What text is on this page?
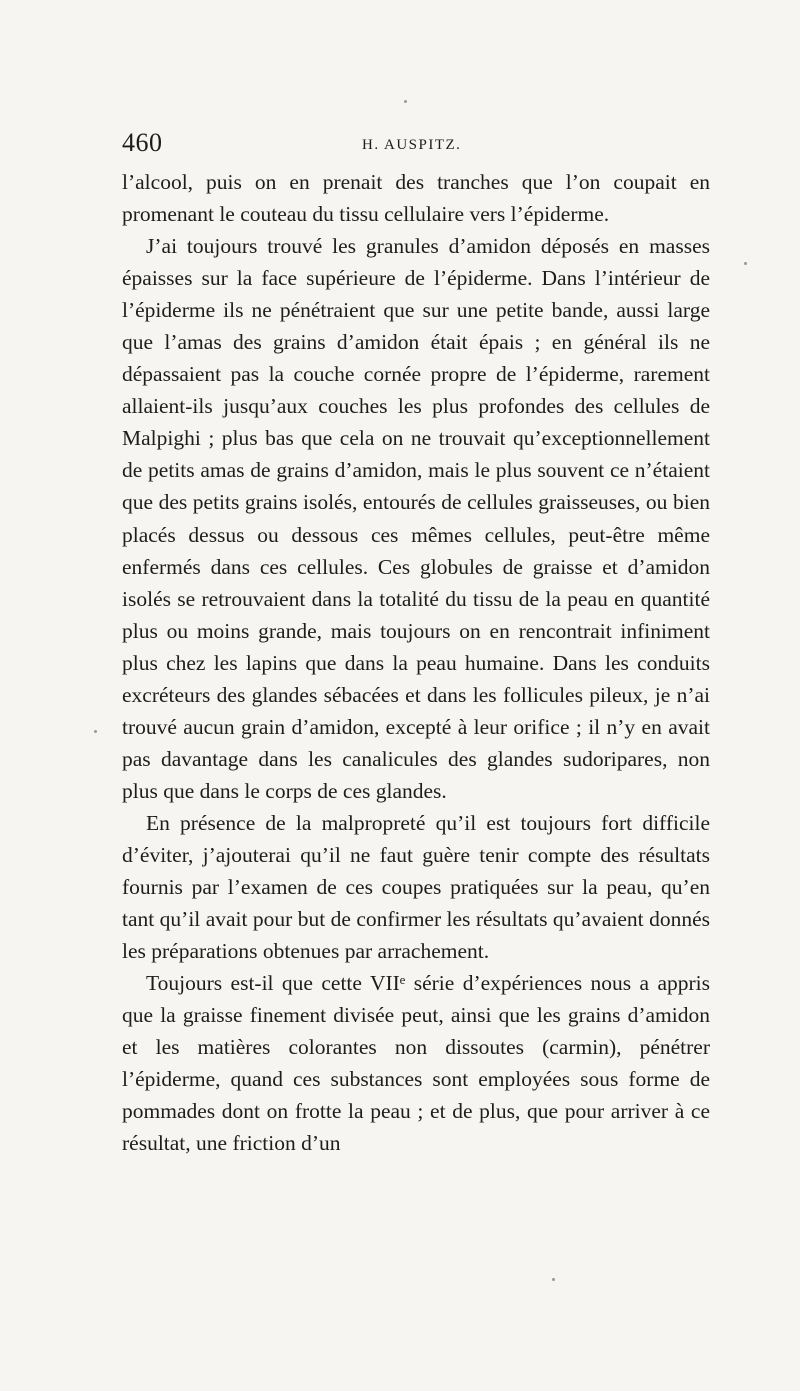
460	H. AUSPITZ.

l’alcool, puis on en prenait des tranches que l’on coupait en promenant le couteau du tissu cellulaire vers l’épiderme.

J’ai toujours trouvé les granules d’amidon déposés en masses épaisses sur la face supérieure de l’épiderme. Dans l’intérieur de l’épiderme ils ne pénétraient que sur une petite bande, aussi large que l’amas des grains d’amidon était épais ; en général ils ne dépassaient pas la couche cornée propre de l’épiderme, rarement allaient-ils jusqu’aux couches les plus profondes des cellules de Malpighi ; plus bas que cela on ne trouvait qu’exceptionnellement de petits amas de grains d’amidon, mais le plus souvent ce n’étaient que des petits grains isolés, entourés de cellules graisseuses, ou bien placés dessus ou dessous ces mêmes cellules, peut-être même enfermés dans ces cellules. Ces globules de graisse et d’amidon isolés se retrouvaient dans la totalité du tissu de la peau en quantité plus ou moins grande, mais toujours on en rencontrait infiniment plus chez les lapins que dans la peau humaine. Dans les conduits excréteurs des glandes sébacées et dans les follicules pileux, je n’ai trouvé aucun grain d’amidon, excepté à leur orifice ; il n’y en avait pas davantage dans les canalicules des glandes sudoripares, non plus que dans le corps de ces glandes.

En présence de la malpropreté qu’il est toujours fort difficile d’éviter, j’ajouterai qu’il ne faut guère tenir compte des résultats fournis par l’examen de ces coupes pratiquées sur la peau, qu’en tant qu’il avait pour but de confirmer les résultats qu’avaient donnés les préparations obtenues par arrachement.

Toujours est-il que cette VIIᵉ série d’expériences nous a appris que la graisse finement divisée peut, ainsi que les grains d’amidon et les matières colorantes non dissoutes (carmin), pénétrer l’épiderme, quand ces substances sont employées sous forme de pommades dont on frotte la peau ; et de plus, que pour arriver à ce résultat, une friction d’un
